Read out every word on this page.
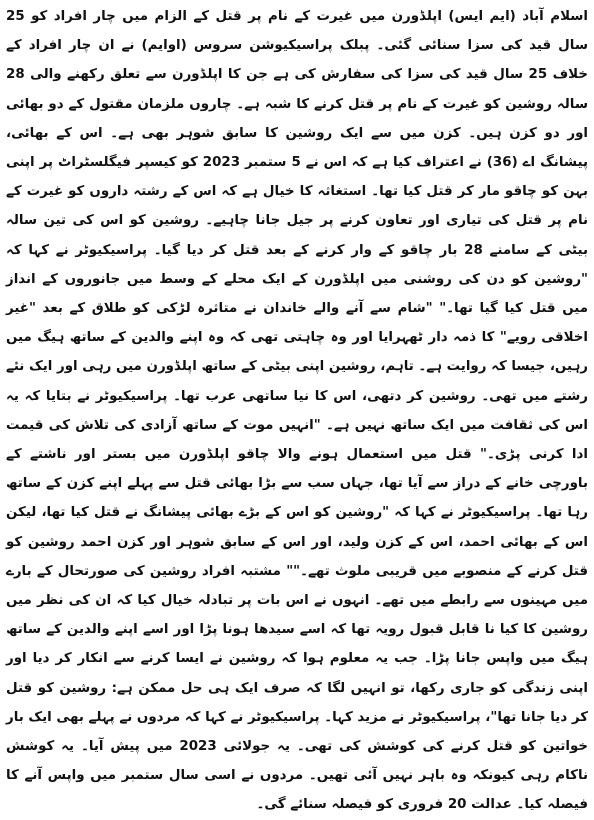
اسلام آباد (ایم ایس) اپلڈورن میں غیرت کے نام پر قتل کے الزام میں چار افراد کو 25 سال قید کی سزا سنائی گئی۔ پبلک پراسیکیوشن سروس (اوایم) نے ان چار افراد کے خلاف 25 سال قید کی سزا کی سفارش کی ہے جن کا اپلڈورن سے تعلق رکھنے والی 28 سالہ روشین کو غیرت کے نام پر قتل کرنے کا شبہ ہے۔ چاروں ملزمان مقتول کے دو بھائی اور دو کزن ہیں۔ کزن میں سے ایک روشین کا سابق شوہر بھی ہے۔ اس کے بھائی، پیشانگ اے (36) نے اعتراف کیا ہے کہ اس نے 5 ستمبر 2023 کو کیسپر فیگلسٹراٹ پر اپنی بہن کو چاقو مار کر قتل کیا تھا۔ استغاثہ کا خیال ہے کہ اس کے رشتہ داروں کو غیرت کے نام پر قتل کی تیاری اور تعاون کرنے پر جیل جانا چاہیے۔ روشین کو اس کی تین سالہ بیٹی کے سامنے 28 بار چاقو کے وار کرنے کے بعد قتل کر دیا گیا۔ پراسیکیوٹر نے کہا کہ "روشین کو دن کی روشنی میں اپلڈورن کے ایک محلے کے وسط میں جانوروں کے انداز میں قتل کیا گیا تھا۔" "شام سے آنے والے خاندان نے متاثرہ لڑکی کو طلاق کے بعد "غیر اخلاقی رویے" کا ذمہ دار ٹھہرایا اور وہ چاہتی تھی کہ وہ اپنے والدین کے ساتھ ہیگ میں رہیں، جیسا کہ روایت ہے۔ تاہم، روشین اپنی بیٹی کے ساتھ اپلڈورن میں رہی اور ایک نئے رشتے میں تھی۔ روشین کر دتھی، اس کا نیا ساتھی عرب تھا۔ پراسیکیوٹر نے بتایا کہ یہ اس کی ثقافت میں ایک ساتھ نہیں ہے۔ "انہیں موت کے ساتھ آزادی کی تلاش کی قیمت ادا کرنی پڑی۔" قتل میں استعمال ہونے والا چاقو اپلڈورن میں بستر اور ناشتے کے باورچی خانے کے دراز سے آیا تھا، جہاں سب سے بڑا بھائی قتل سے پہلے اپنے کزن کے ساتھ رہا تھا۔ پراسیکیوٹر نے کہا کہ "روشین کو اس کے بڑے بھائی پیشانگ نے قتل کیا تھا، لیکن اس کے بھائی احمد، اس کے کزن ولید، اور اس کے سابق شوہر اور کزن احمد روشین کو قتل کرنے کے منصوبے میں قریبی ملوث تھے۔"" مشتبہ افراد روشین کی صورتحال کے بارے میں مہینوں سے رابطے میں تھے۔ انہوں نے اس بات پر تبادلہ خیال کیا کہ ان کی نظر میں روشین کا کیا نا قابل قبول رویہ تھا کہ اسے سیدھا ہونا پڑا اور اسے اپنے والدین کے ساتھ ہیگ میں واپس جانا پڑا۔ جب یہ معلوم ہوا کہ روشین نے ایسا کرنے سے انکار کر دیا اور اپنی زندگی کو جاری رکھا، تو انہیں لگا کہ صرف ایک ہی حل ممکن ہے: روشین کو قتل کر دیا جانا تھا"، پراسیکیوٹر نے مزید کہا۔ پراسیکیوٹر نے کہا کہ مردوں نے پہلے بھی ایک بار خواتین کو قتل کرنے کی کوشش کی تھی۔ یہ جولائی 2023 میں پیش آیا۔ یہ کوشش ناکام رہی کیونکہ وہ باہر نہیں آئی تھیں۔ مردوں نے اسی سال ستمبر میں واپس آنے کا فیصلہ کیا۔ عدالت 20 فروری کو فیصلہ سنائے گی۔
